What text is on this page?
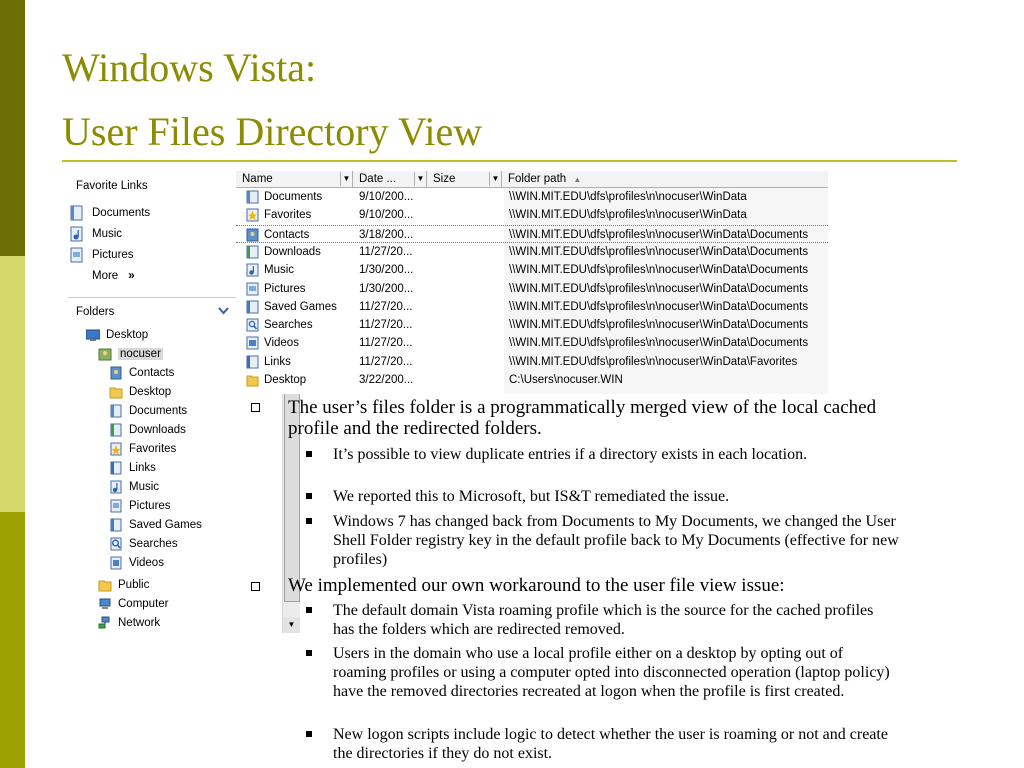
Windows Vista:
User Files Directory View
Favorite Links
Documents
Music
Pictures
More »
Folders
Desktop
nocuser
Contacts
Desktop
Documents
Downloads
Favorites
Links
Music
Pictures
Saved Games
Searches
Videos
Public
Computer
Network	▼
Name	▼ Date ...	▼ Size	▼ Folder path ▲
Documents	9/10/200...	\\WIN.MIT.EDU\dfs\profiles\n\nocuser\WinData
Favorites	9/10/200...	\\WIN.MIT.EDU\dfs\profiles\n\nocuser\WinData
Contacts	3/18/200...	\\WIN.MIT.EDU\dfs\profiles\n\nocuser\WinData\Documents
Downloads	11/27/20...	\\WIN.MIT.EDU\dfs\profiles\n\nocuser\WinData\Documents
Music	1/30/200...	\\WIN.MIT.EDU\dfs\profiles\n\nocuser\WinData\Documents
Pictures	1/30/200...	\\WIN.MIT.EDU\dfs\profiles\n\nocuser\WinData\Documents
Saved Games	11/27/20...	\\WIN.MIT.EDU\dfs\profiles\n\nocuser\WinData\Documents
Searches	11/27/20...	\\WIN.MIT.EDU\dfs\profiles\n\nocuser\WinData\Documents
Videos	11/27/20...	\\WIN.MIT.EDU\dfs\profiles\n\nocuser\WinData\Documents
Links	11/27/20...	\\WIN.MIT.EDU\dfs\profiles\n\nocuser\WinData\Favorites
Desktop	3/22/200...	C:\Users\nocuser.WIN
The user’s files folder is a programmatically merged view of the local cached profile and the redirected folders.
It’s possible to view duplicate entries if a directory exists in each location.
We reported this to Microsoft, but IS&T remediated the issue.
Windows 7 has changed back from Documents to My Documents, we changed the User Shell Folder registry key in the default profile back to My Documents (effective for new profiles)
We implemented our own workaround to the user file view issue:
The default domain Vista roaming profile which is the source for the cached profiles has the folders which are redirected removed.
Users in the domain who use a local profile either on a desktop by opting out of roaming profiles or using a computer opted into disconnected operation (laptop policy) have the removed directories recreated at logon when the profile is first created.
New logon scripts include logic to detect whether the user is roaming or not and create the directories if they do not exist.
